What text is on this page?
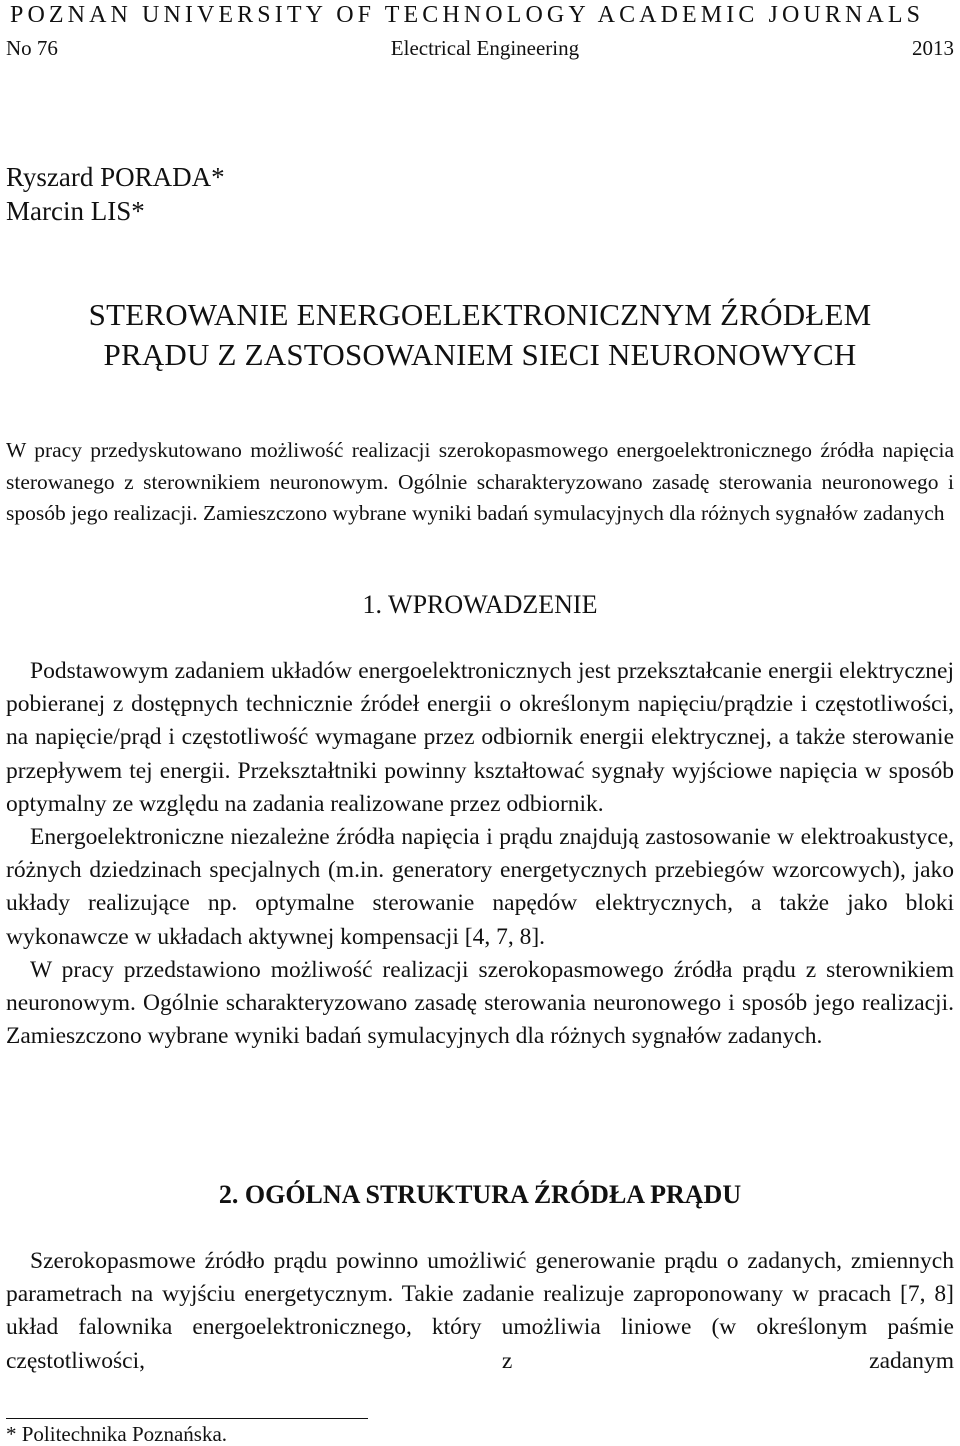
POZNAN UNIVERSITY OF TECHNOLOGY ACADEMIC JOURNALS
No 76	Electrical Engineering	2013
Ryszard PORADA*
Marcin LIS*
STEROWANIE ENERGOELEKTRONICZNYM ŹRÓDŁEM
PRĄDU Z ZASTOSOWANIEM SIECI NEURONOWYCH
W pracy przedyskutowano możliwość realizacji szerokopasmowego energoelektronicznego źródła napięcia sterowanego z sterownikiem neuronowym. Ogólnie scharakteryzowano zasadę sterowania neuronowego i sposób jego realizacji. Zamieszczono wybrane wyniki badań symulacyjnych dla różnych sygnałów zadanych
1. WPROWADZENIE

Podstawowym zadaniem układów energoelektronicznych jest przekształcanie energii elektrycznej pobieranej z dostępnych technicznie źródeł energii o określonym napięciu/prądzie i częstotliwości, na napięcie/prąd i częstotliwość wymagane przez odbiornik energii elektrycznej, a także sterowanie przepływem tej energii. Przekształtniki powinny kształtować sygnały wyjściowe napięcia w sposób optymalny ze względu na zadania realizowane przez odbiornik.

Energoelektroniczne niezależne źródła napięcia i prądu znajdują zastosowanie w elektroakustyce, różnych dziedzinach specjalnych (m.in. generatory energetycznych przebiegów wzorcowych), jako układy realizujące np. optymalne sterowanie napędów elektrycznych, a także jako bloki wykonawcze w układach aktywnej kompensacji [4, 7, 8].

W pracy przedstawiono możliwość realizacji szerokopasmowego źródła prądu z sterownikiem neuronowym. Ogólnie scharakteryzowano zasadę sterowania neuronowego i sposób jego realizacji. Zamieszczono wybrane wyniki badań symulacyjnych dla różnych sygnałów zadanych.

2. OGÓLNA STRUKTURA ŹRÓDŁA PRĄDU

Szerokopasmowe źródło prądu powinno umożliwić generowanie prądu o zadanych, zmiennych parametrach na wyjściu energetycznym. Takie zadanie realizuje zaproponowany w pracach [7, 8] układ falownika energoelektronicznego, który umożliwia liniowe (w określonym paśmie częstotliwości, z zadanym

* Politechnika Poznańska.
